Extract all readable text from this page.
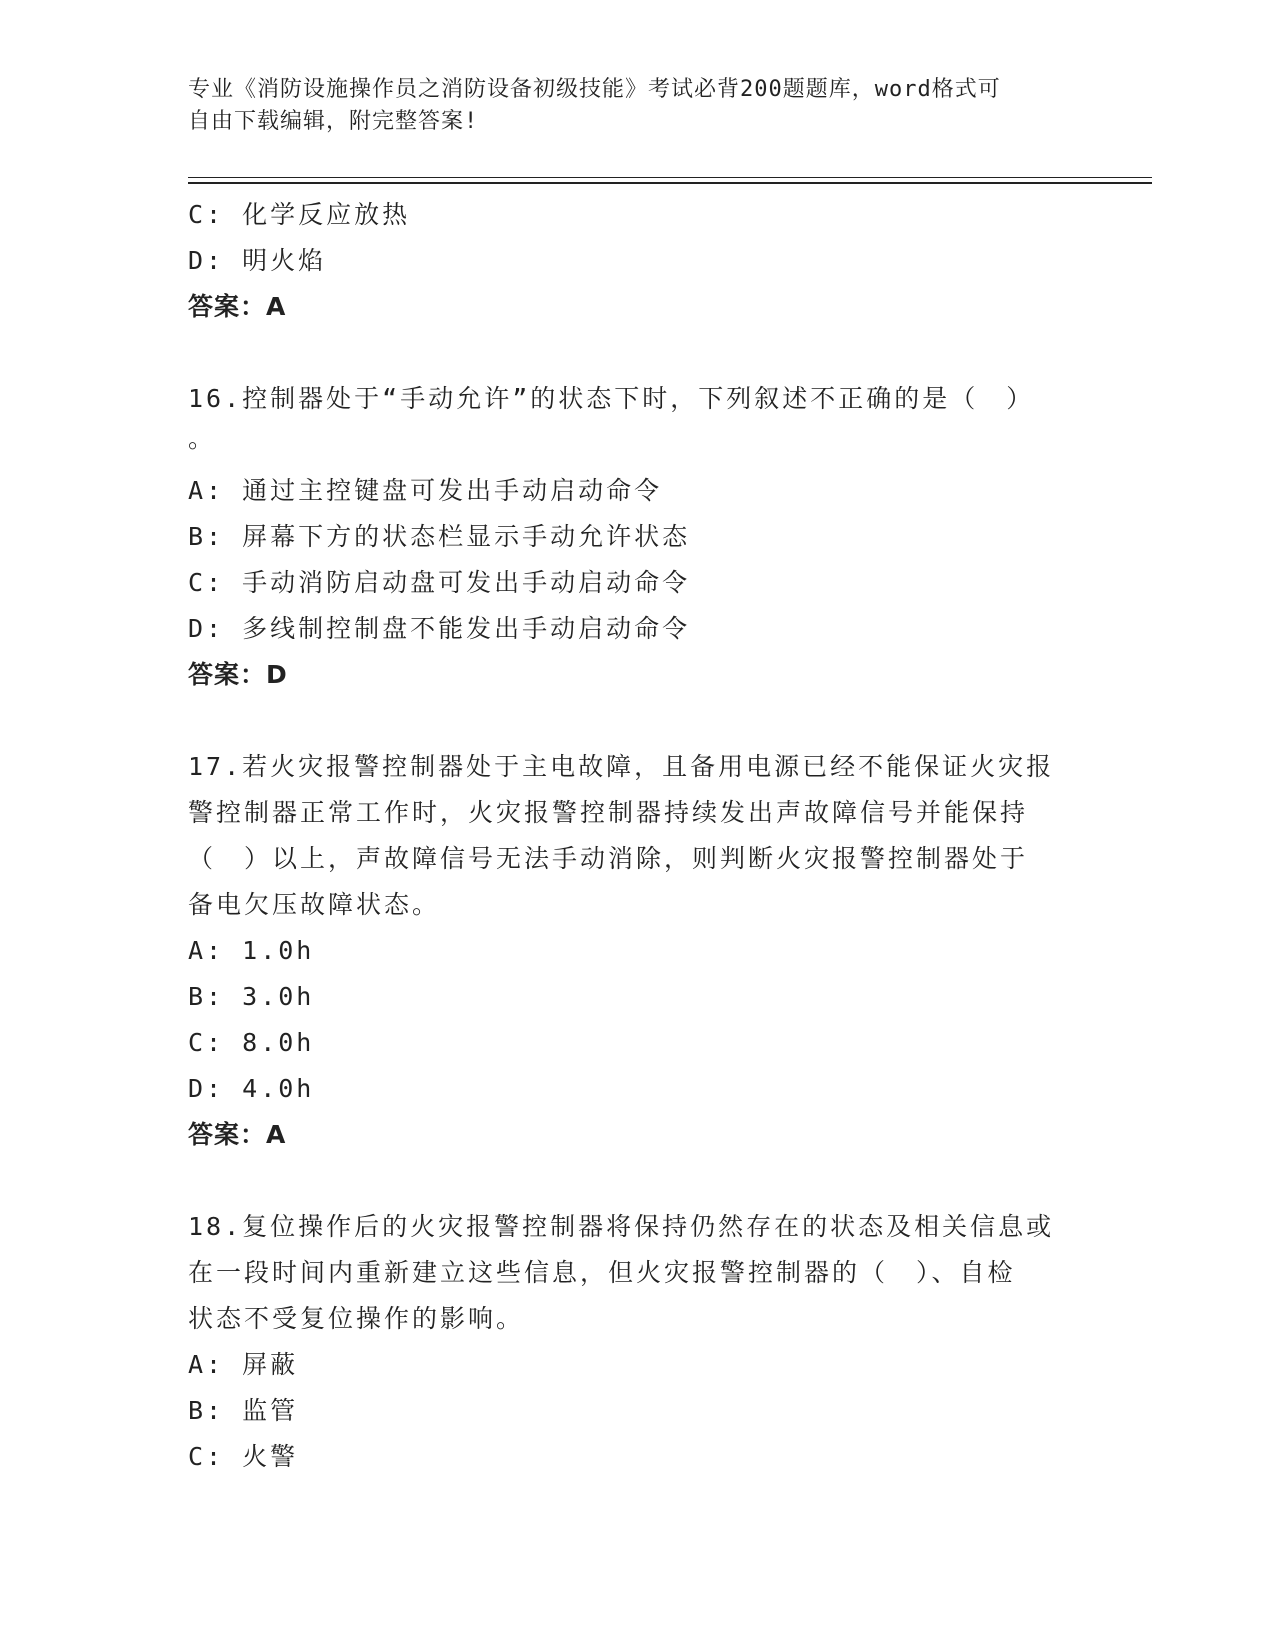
专业《消防设施操作员之消防设备初级技能》考试必背200题题库，word格式可
自由下载编辑，附完整答案!
C: 化学反应放热
D: 明火焰
答案：A
16.控制器处于“手动允许”的状态下时，下列叙述不正确的是（　）
。
A: 通过主控键盘可发出手动启动命令
B: 屏幕下方的状态栏显示手动允许状态
C: 手动消防启动盘可发出手动启动命令
D: 多线制控制盘不能发出手动启动命令
答案：D
17.若火灾报警控制器处于主电故障，且备用电源已经不能保证火灾报
警控制器正常工作时，火灾报警控制器持续发出声故障信号并能保持
（　）以上，声故障信号无法手动消除，则判断火灾报警控制器处于
备电欠压故障状态。
A: 1.0h
B: 3.0h
C: 8.0h
D: 4.0h
答案：A
18.复位操作后的火灾报警控制器将保持仍然存在的状态及相关信息或
在一段时间内重新建立这些信息，但火灾报警控制器的（　）、自检
状态不受复位操作的影响。
A: 屏蔽
B: 监管
C: 火警
